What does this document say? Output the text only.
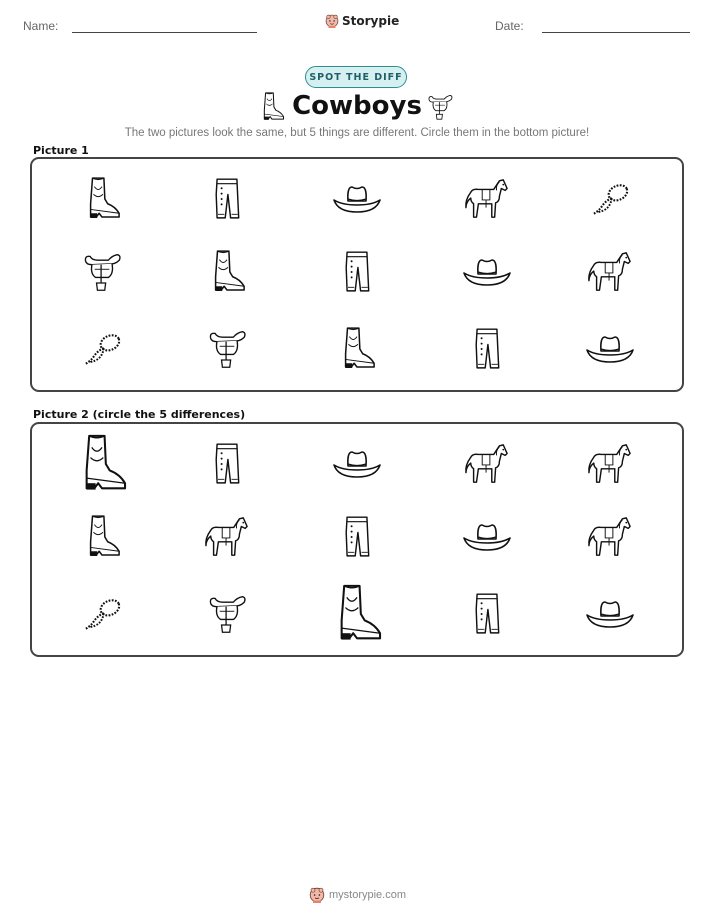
Name:	Storypie	Date:
SPOT THE DIFF
Cowboys
The two pictures look the same, but 5 things are different. Circle them in the bottom picture!
Picture 1
Picture 2 (circle the 5 differences)
mystorypie.com
